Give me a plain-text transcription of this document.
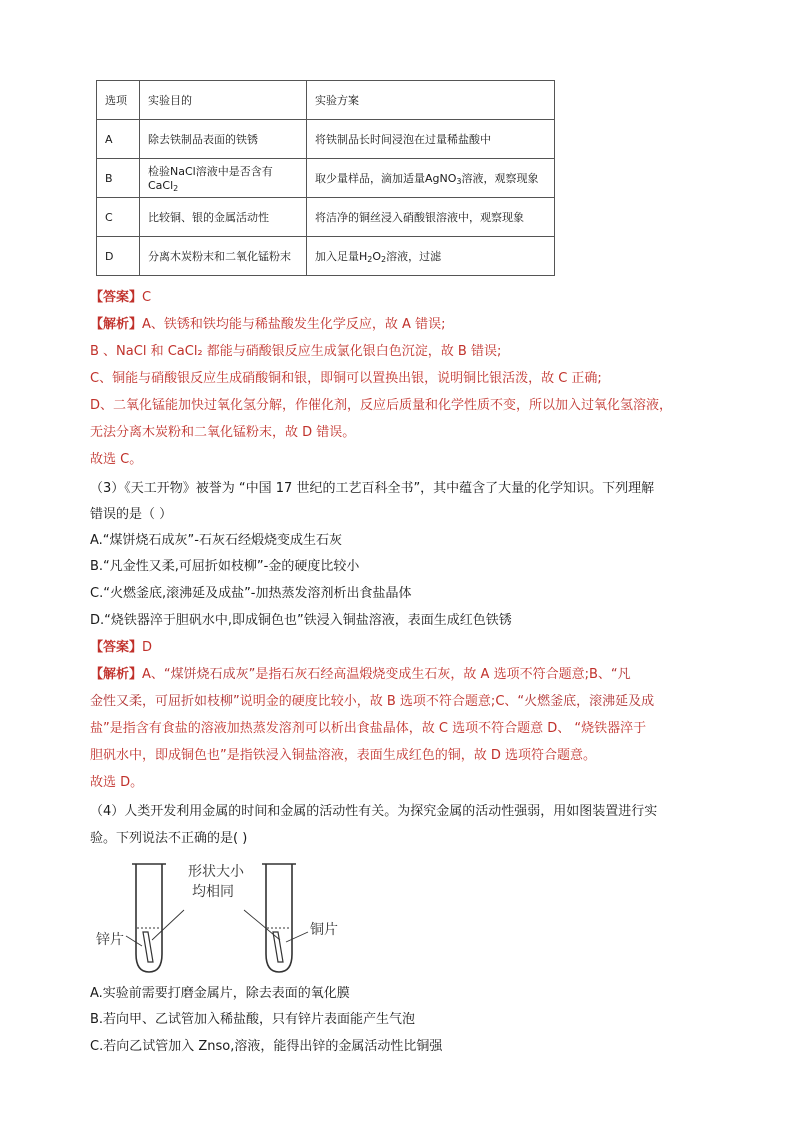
选项	实验目的	实验方案
A	除去铁制品表面的铁锈	将铁制品长时间浸泡在过量稀盐酸中
B	检验NaCl溶液中是否含有CaCl$_2$	取少量样品，滴加适量AgNO$_3$溶液，观察现象
C	比较铜、银的金属活动性	将洁净的铜丝浸入硝酸银溶液中，观察现象
D	分离木炭粉末和二氧化锰粉末	加入足量$H_2O_2$溶液，过滤
【答案】C
【解析】A、铁锈和铁均能与稀盐酸发生化学反应，故 A 错误;
B 、NaCl 和 CaCl₂ 都能与硝酸银反应生成氯化银白色沉淀，故 B 错误;
C、铜能与硝酸银反应生成硝酸铜和银，即铜可以置换出银，说明铜比银活泼，故 C 正确;
D、二氧化锰能加快过氧化氢分解，作催化剂，反应后质量和化学性质不变，所以加入过氧化氢溶液，
无法分离木炭粉和二氧化锰粉末，故 D 错误。
故选 C。
（3）《天工开物》被誉为 “中国 17 世纪的工艺百科全书”，其中蕴含了大量的化学知识。下列理解
错误的是（ ）
A.“煤饼烧石成灰”-石灰石经煅烧变成生石灰
B.“凡金性又柔,可屈折如枝柳”-金的硬度比较小
C.“火燃釜底,滚沸延及成盐”-加热蒸发溶剂析出食盐晶体
D.“烧铁器淬于胆矾水中,即成铜色也”铁浸入铜盐溶液，表面生成红色铁锈
【答案】D
【解析】A、“煤饼烧石成灰”是指石灰石经高温煅烧变成生石灰，故 A 选项不符合题意;B、“凡
金性又柔，可屈折如枝柳”说明金的硬度比较小，故 B 选项不符合题意;C、“火燃釜底，滚沸延及成
盐”是指含有食盐的溶液加热蒸发溶剂可以析出食盐晶体，故 C 选项不符合题意 D、 “烧铁器淬于
胆矾水中，即成铜色也”是指铁浸入铜盐溶液，表面生成红色的铜，故 D 选项符合题意。
故选 D。
（4）人类开发利用金属的时间和金属的活动性有关。为探究金属的活动性强弱，用如图装置进行实
验。下列说法不正确的是( )
形状大小
均相同
锌片
铜片
A.实验前需要打磨金属片，除去表面的氧化膜
B.若向甲、乙试管加入稀盐酸，只有锌片表面能产生气泡
C.若向乙试管加入 Znso,溶液，能得出锌的金属活动性比铜强
